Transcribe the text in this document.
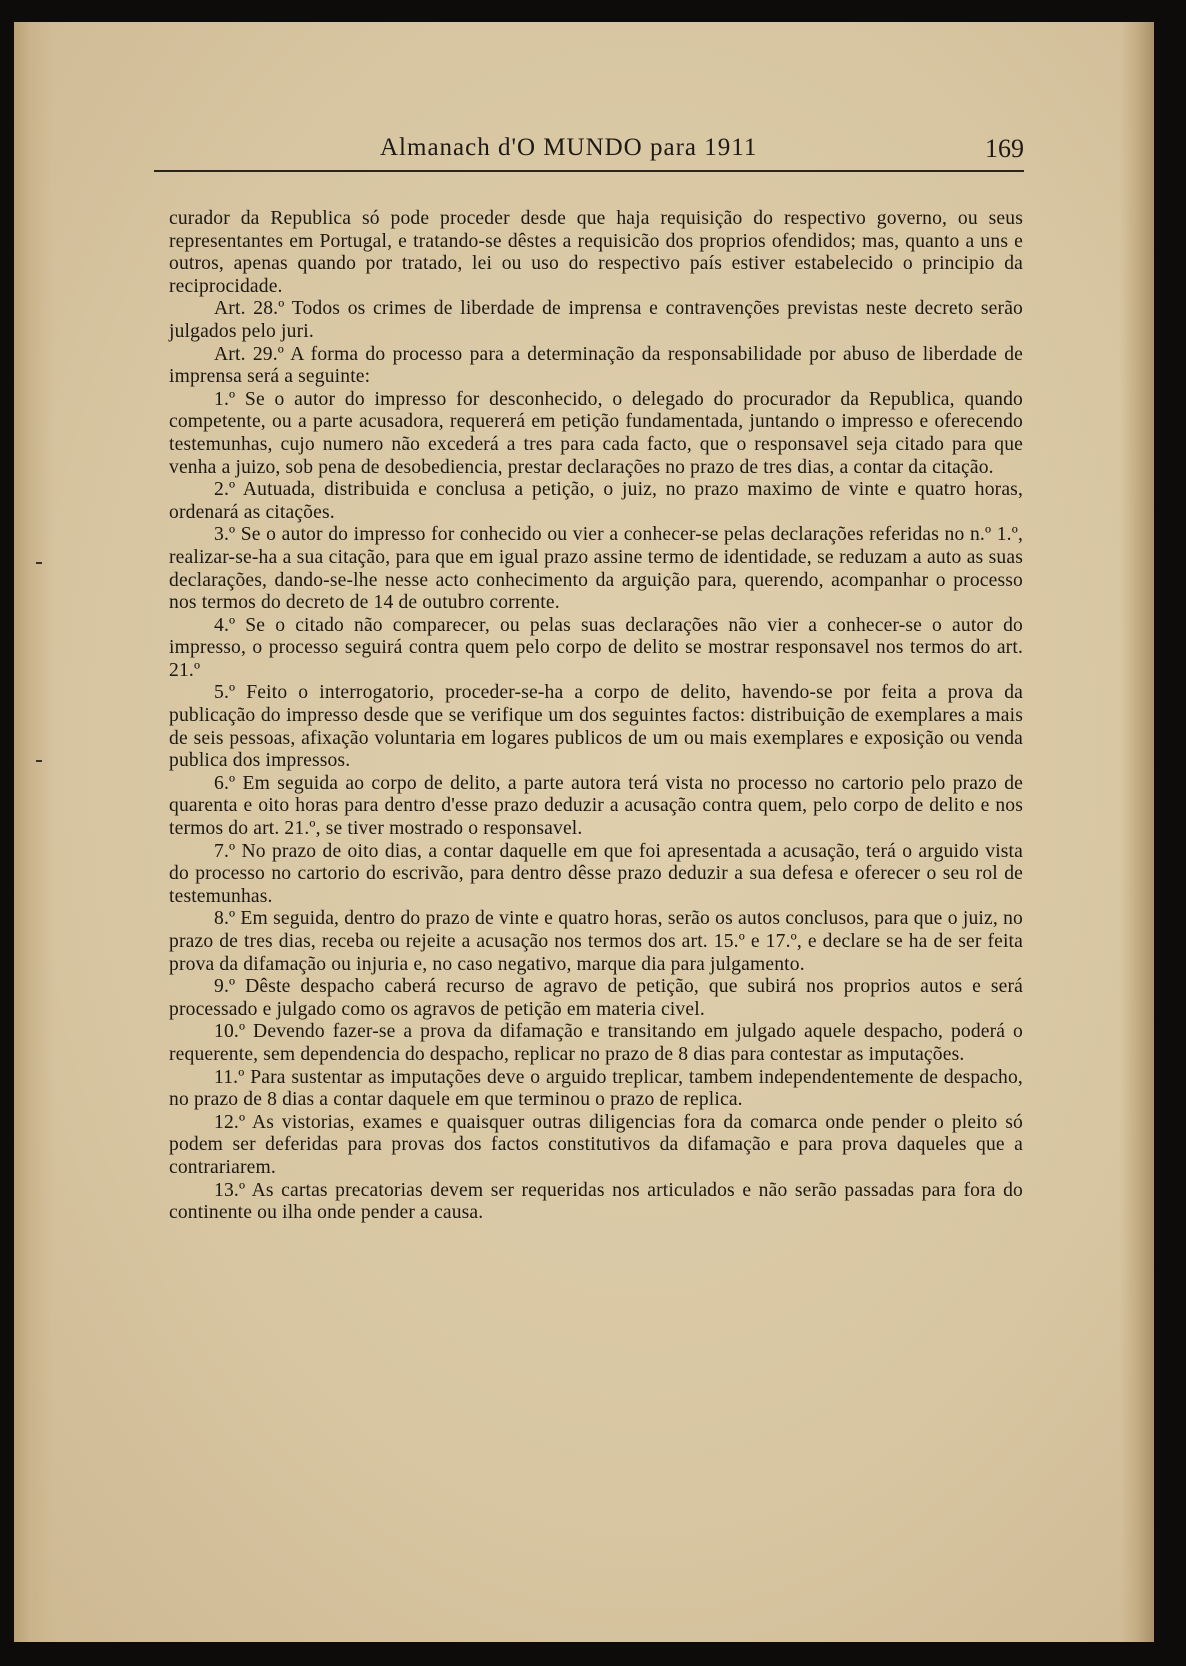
Almanach d'O MUNDO para 1911	169

curador da Republica só pode proceder desde que haja requisição do respectivo governo, ou seus representantes em Portugal, e tratando-se dêstes a requisicão dos proprios ofendidos; mas, quanto a uns e outros, apenas quando por tratado, lei ou uso do respectivo país estiver estabelecido o principio da reciprocidade.

Art. 28.º Todos os crimes de liberdade de imprensa e contravenções previstas neste decreto serão julgados pelo juri.

Art. 29.º A forma do processo para a determinação da responsabilidade por abuso de liberdade de imprensa será a seguinte:

1.º Se o autor do impresso for desconhecido, o delegado do procurador da Republica, quando competente, ou a parte acusadora, requererá em petição fundamentada, juntando o impresso e oferecendo testemunhas, cujo numero não excederá a tres para cada facto, que o responsavel seja citado para que venha a juizo, sob pena de desobediencia, prestar declarações no prazo de tres dias, a contar da citação.

2.º Autuada, distribuida e conclusa a petição, o juiz, no prazo maximo de vinte e quatro horas, ordenará as citações.

3.º Se o autor do impresso for conhecido ou vier a conhecer-se pelas declarações referidas no n.º 1.º, realizar-se-ha a sua citação, para que em igual prazo assine termo de identidade, se reduzam a auto as suas declarações, dando-se-lhe nesse acto conhecimento da arguição para, querendo, acompanhar o processo nos termos do decreto de 14 de outubro corrente.

4.º Se o citado não comparecer, ou pelas suas declarações não vier a conhecer-se o autor do impresso, o processo seguirá contra quem pelo corpo de delito se mostrar responsavel nos termos do art. 21.º

5.º Feito o interrogatorio, proceder-se-ha a corpo de delito, havendo-se por feita a prova da publicação do impresso desde que se verifique um dos seguintes factos: distribuição de exemplares a mais de seis pessoas, afixação voluntaria em logares publicos de um ou mais exemplares e exposição ou venda publica dos impressos.

6.º Em seguida ao corpo de delito, a parte autora terá vista no processo no cartorio pelo prazo de quarenta e oito horas para dentro d'esse prazo deduzir a acusação contra quem, pelo corpo de delito e nos termos do art. 21.º, se tiver mostrado o responsavel.

7.º No prazo de oito dias, a contar daquelle em que foi apresentada a acusação, terá o arguido vista do processo no cartorio do escrivão, para dentro dêsse prazo deduzir a sua defesa e oferecer o seu rol de testemunhas.

8.º Em seguida, dentro do prazo de vinte e quatro horas, serão os autos conclusos, para que o juiz, no prazo de tres dias, receba ou rejeite a acusação nos termos dos art. 15.º e 17.º, e declare se ha de ser feita prova da difamação ou injuria e, no caso negativo, marque dia para julgamento.

9.º Dêste despacho caberá recurso de agravo de petição, que subirá nos proprios autos e será processado e julgado como os agravos de petição em materia civel.

10.º Devendo fazer-se a prova da difamação e transitando em julgado aquele despacho, poderá o requerente, sem dependencia do despacho, replicar no prazo de 8 dias para contestar as imputações.

11.º Para sustentar as imputações deve o arguido treplicar, tambem independentemente de despacho, no prazo de 8 dias a contar daquele em que terminou o prazo de replica.

12.º As vistorias, exames e quaisquer outras diligencias fora da comarca onde pender o pleito só podem ser deferidas para provas dos factos constitutivos da difamação e para prova daqueles que a contrariarem.

13.º As cartas precatorias devem ser requeridas nos articulados e não serão passadas para fora do continente ou ilha onde pender a causa.
